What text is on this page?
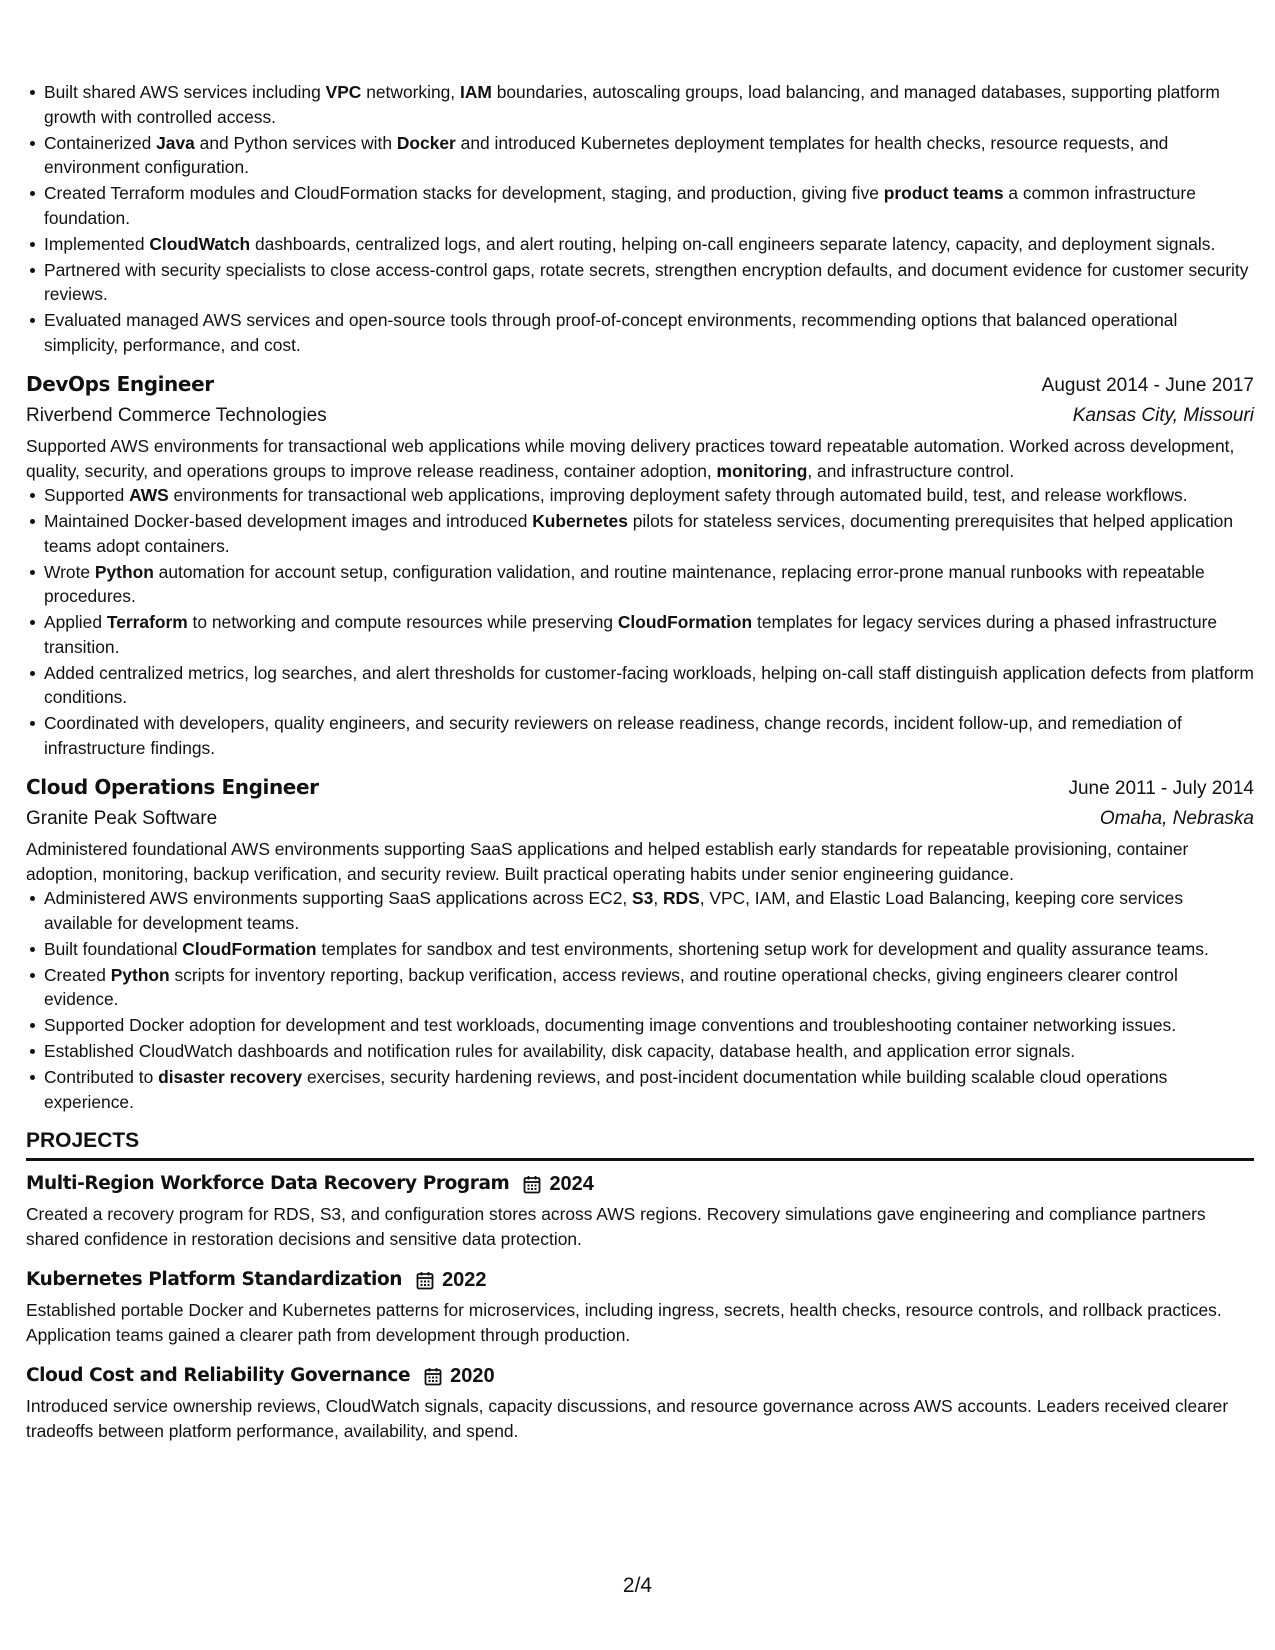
Built shared AWS services including VPC networking, IAM boundaries, autoscaling groups, load balancing, and managed databases, supporting platform growth with controlled access.
Containerized Java and Python services with Docker and introduced Kubernetes deployment templates for health checks, resource requests, and environment configuration.
Created Terraform modules and CloudFormation stacks for development, staging, and production, giving five product teams a common infrastructure foundation.
Implemented CloudWatch dashboards, centralized logs, and alert routing, helping on-call engineers separate latency, capacity, and deployment signals.
Partnered with security specialists to close access-control gaps, rotate secrets, strengthen encryption defaults, and document evidence for customer security reviews.
Evaluated managed AWS services and open-source tools through proof-of-concept environments, recommending options that balanced operational simplicity, performance, and cost.
DevOps Engineer	August 2014 - June 2017
Riverbend Commerce Technologies	Kansas City, Missouri
Supported AWS environments for transactional web applications while moving delivery practices toward repeatable automation. Worked across development, quality, security, and operations groups to improve release readiness, container adoption, monitoring, and infrastructure control.
Supported AWS environments for transactional web applications, improving deployment safety through automated build, test, and release workflows.
Maintained Docker-based development images and introduced Kubernetes pilots for stateless services, documenting prerequisites that helped application teams adopt containers.
Wrote Python automation for account setup, configuration validation, and routine maintenance, replacing error-prone manual runbooks with repeatable procedures.
Applied Terraform to networking and compute resources while preserving CloudFormation templates for legacy services during a phased infrastructure transition.
Added centralized metrics, log searches, and alert thresholds for customer-facing workloads, helping on-call staff distinguish application defects from platform conditions.
Coordinated with developers, quality engineers, and security reviewers on release readiness, change records, incident follow-up, and remediation of infrastructure findings.
Cloud Operations Engineer	June 2011 - July 2014
Granite Peak Software	Omaha, Nebraska
Administered foundational AWS environments supporting SaaS applications and helped establish early standards for repeatable provisioning, container adoption, monitoring, backup verification, and security review. Built practical operating habits under senior engineering guidance.
Administered AWS environments supporting SaaS applications across EC2, S3, RDS, VPC, IAM, and Elastic Load Balancing, keeping core services available for development teams.
Built foundational CloudFormation templates for sandbox and test environments, shortening setup work for development and quality assurance teams.
Created Python scripts for inventory reporting, backup verification, access reviews, and routine operational checks, giving engineers clearer control evidence.
Supported Docker adoption for development and test workloads, documenting image conventions and troubleshooting container networking issues.
Established CloudWatch dashboards and notification rules for availability, disk capacity, database health, and application error signals.
Contributed to disaster recovery exercises, security hardening reviews, and post-incident documentation while building scalable cloud operations experience.
PROJECTS
Multi-Region Workforce Data Recovery Program 2024
Created a recovery program for RDS, S3, and configuration stores across AWS regions. Recovery simulations gave engineering and compliance partners shared confidence in restoration decisions and sensitive data protection.
Kubernetes Platform Standardization 2022
Established portable Docker and Kubernetes patterns for microservices, including ingress, secrets, health checks, resource controls, and rollback practices. Application teams gained a clearer path from development through production.
Cloud Cost and Reliability Governance 2020
Introduced service ownership reviews, CloudWatch signals, capacity discussions, and resource governance across AWS accounts. Leaders received clearer tradeoffs between platform performance, availability, and spend.
2/4
